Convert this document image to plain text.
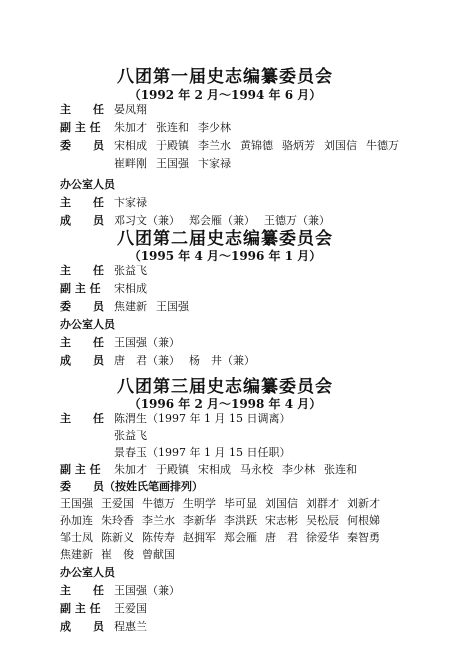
八团第一届史志编纂委员会
（1992 年 2 月～1994 年 6 月）
主　　任 晏凤翔
副 主 任 朱加才 张连和 李少林
委　　员 宋相成 于殿镇 李兰水 黄锦德 骆炳芳 刘国信 牛德万
崔畔刚 王国强 卞家禄
办公室人员
主　　任 卞家禄
成　　员 邓习文（兼） 郑会雁（兼） 王德万（兼）
八团第二届史志编纂委员会
（1995 年 4 月～1996 年 1 月）
主　　任 张益飞
副 主 任 宋相成
委　　员 焦建新 王国强
办公室人员
主　　任 王国强（兼）
成　　员 唐　君（兼） 杨　井（兼）
八团第三届史志编纂委员会
（1996 年 2 月～1998 年 4 月）
主　　任 陈渭生（1997 年 1 月 15 日调离）
张益飞
景春玉（1997 年 1 月 15 日任职）
副 主 任 朱加才 于殿镇 宋相成 马永校 李少林 张连和
委　　员（按姓氏笔画排列）
王国强 王爱国 牛德万 生明学 毕可显 刘国信 刘群才 刘新才
孙加连 朱玲香 李兰水 李新华 李洪跃 宋志彬 吴松辰 何根娣
邹士凤 陈新义 陈传寿 赵拥军 郑会雁 唐　君 徐爱华 秦智勇
焦建新 崔　俊 曾献国
办公室人员
主　　任 王国强（兼）
副 主 任 王爱国
成　　员 程惠兰
